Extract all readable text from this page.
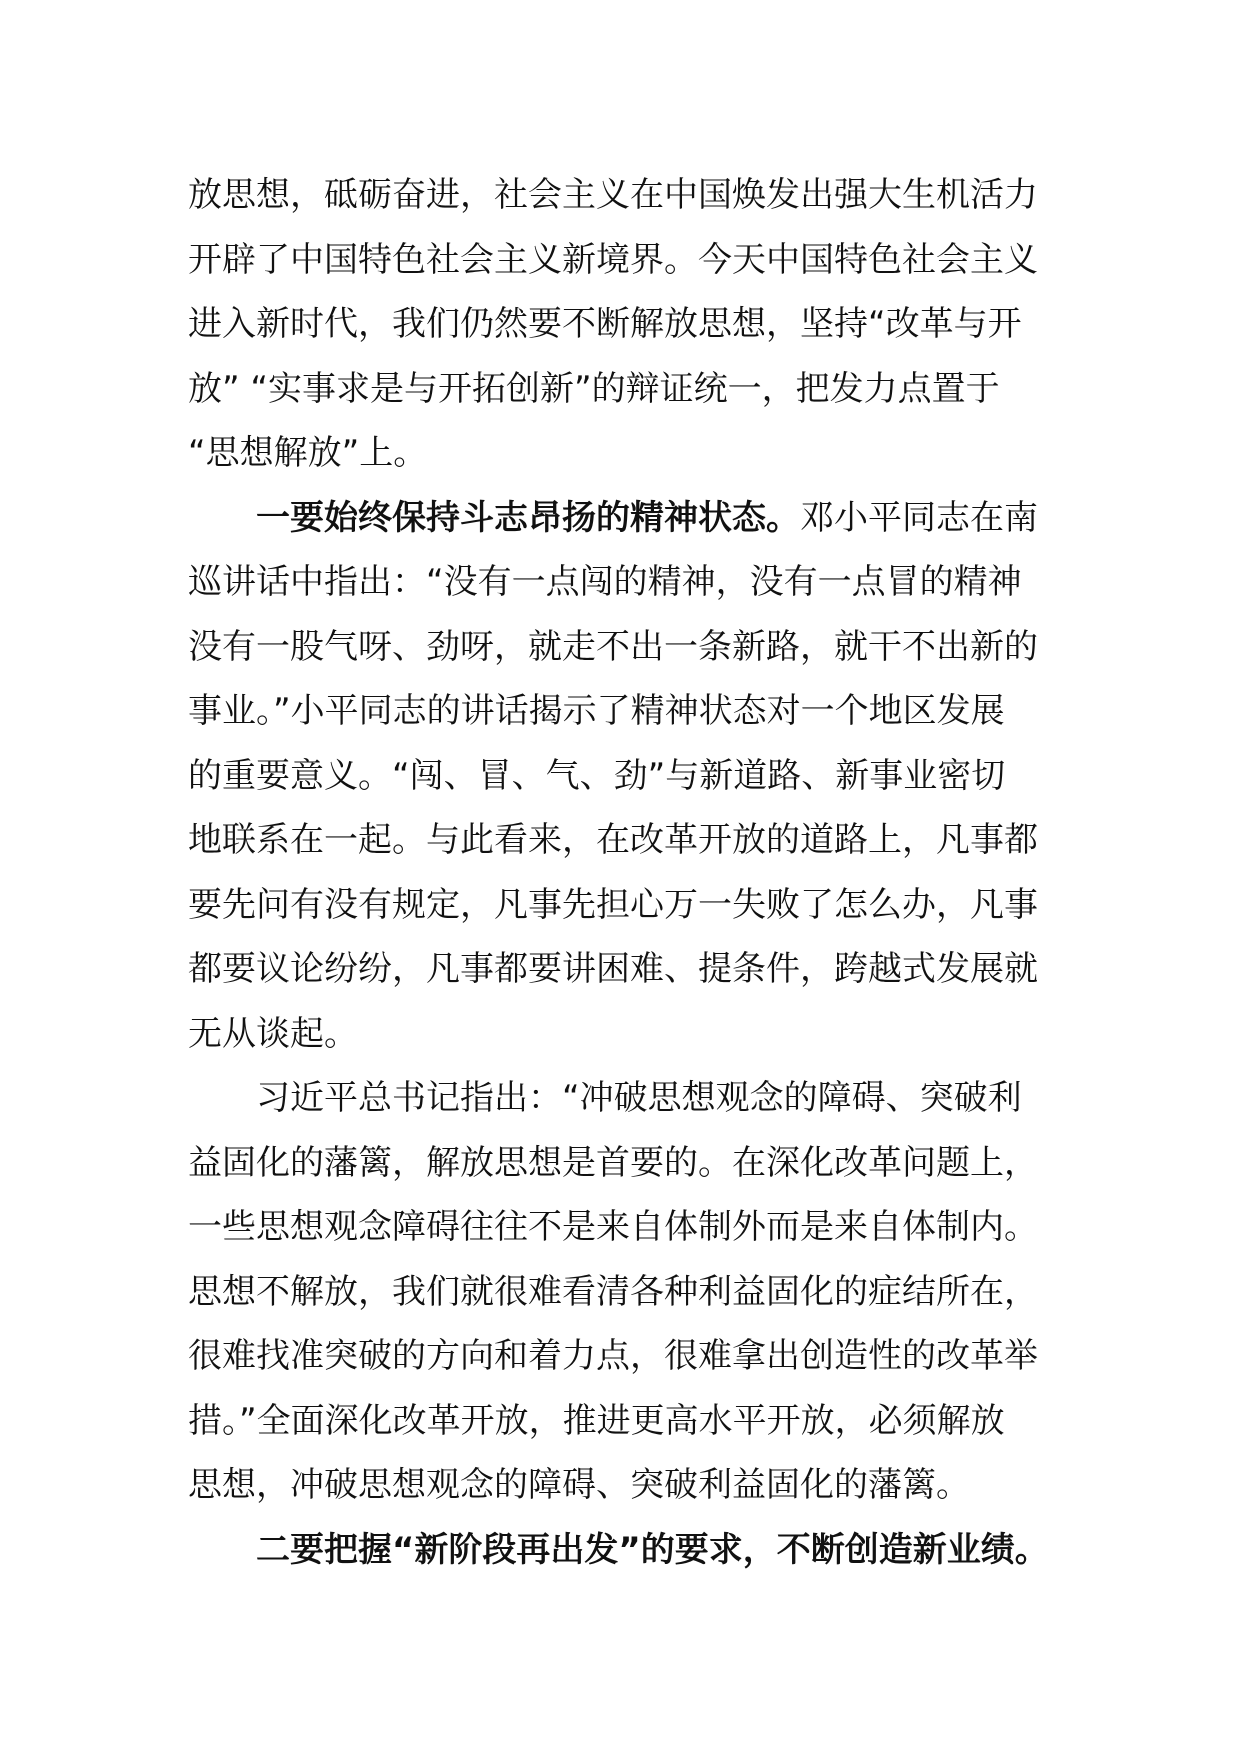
放思想，砥砺奋进，社会主义在中国焕发出强大生机活力
开辟了中国特色社会主义新境界。今天中国特色社会主义
进入新时代，我们仍然要不断解放思想，坚持“改革与开
放” “实事求是与开拓创新”的辩证统一，把发力点置于
“思想解放”上。
一要始终保持斗志昂扬的精神状态。邓小平同志在南
巡讲话中指出：“没有一点闯的精神，没有一点冒的精神
没有一股气呀、劲呀，就走不出一条新路，就干不出新的
事业。”小平同志的讲话揭示了精神状态对一个地区发展
的重要意义。“闯、冒、气、劲”与新道路、新事业密切
地联系在一起。与此看来，在改革开放的道路上，凡事都
要先问有没有规定，凡事先担心万一失败了怎么办，凡事
都要议论纷纷，凡事都要讲困难、提条件，跨越式发展就
无从谈起。
习近平总书记指出：“冲破思想观念的障碍、突破利
益固化的藩篱，解放思想是首要的。在深化改革问题上，
一些思想观念障碍往往不是来自体制外而是来自体制内。
思想不解放，我们就很难看清各种利益固化的症结所在，
很难找准突破的方向和着力点，很难拿出创造性的改革举
措。”全面深化改革开放，推进更高水平开放，必须解放
思想，冲破思想观念的障碍、突破利益固化的藩篱。
二要把握“新阶段再出发”的要求，不断创造新业绩。
